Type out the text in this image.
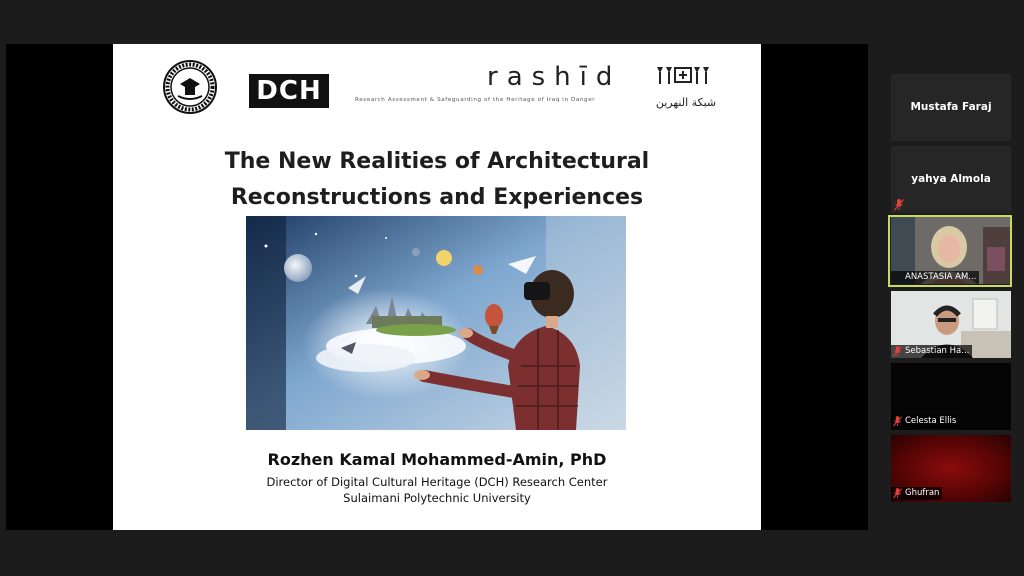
DCH	rashīd
Research Assessment & Safeguarding of the Heritage of Iraq in Danger	شبكة النهرين
The New Realities of Architectural
Reconstructions and Experiences
Rozhen Kamal Mohammed-Amin, PhD
Director of Digital Cultural Heritage (DCH) Research Center
Sulaimani Polytechnic University
Mustafa Faraj
yahya Almola
ANASTASIA AM...
Sebastian Ha...
Celesta Ellis
Ghufran
